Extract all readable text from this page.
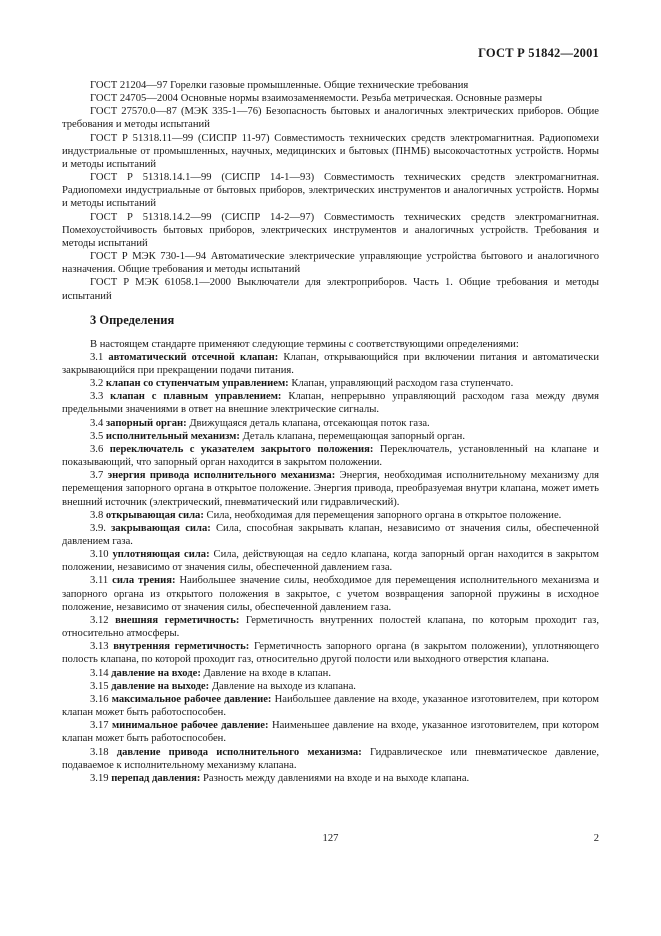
ГОСТ Р 51842—2001

ГОСТ 21204—97 Горелки газовые промышленные. Общие технические требования

ГОСТ 24705—2004 Основные нормы взаимозаменяемости. Резьба метрическая. Основные размеры

ГОСТ 27570.0—87 (МЭК 335-1—76) Безопасность бытовых и аналогичных электрических приборов. Общие требования и методы испытаний

ГОСТ Р 51318.11—99 (СИСПР 11-97) Совместимость технических средств электромагнитная. Радиопомехи индустриальные от промышленных, научных, медицинских и бытовых (ПНМБ) высокочастотных устройств. Нормы и методы испытаний

ГОСТ Р 51318.14.1—99 (СИСПР 14-1—93) Совместимость технических средств электромагнитная. Радиопомехи индустриальные от бытовых приборов, электрических инструментов и аналогичных устройств. Нормы и методы испытаний

ГОСТ Р 51318.14.2—99 (СИСПР 14-2—97) Совместимость технических средств электромагнитная. Помехоустойчивость бытовых приборов, электрических инструментов и аналогичных устройств. Требования и методы испытаний

ГОСТ Р МЭК 730-1—94 Автоматические электрические управляющие устройства бытового и аналогичного назначения. Общие требования и методы испытаний

ГОСТ Р МЭК 61058.1—2000 Выключатели для электроприборов. Часть 1. Общие требования и методы испытаний

3 Определения

В настоящем стандарте применяют следующие термины с соответствующими определениями:

3.1 автоматический отсечной клапан: Клапан, открывающийся при включении питания и автоматически закрывающийся при прекращении подачи питания.

3.2 клапан со ступенчатым управлением: Клапан, управляющий расходом газа ступенчато.

3.3 клапан с плавным управлением: Клапан, непрерывно управляющий расходом газа между двумя предельными значениями в ответ на внешние электрические сигналы.

3.4 запорный орган: Движущаяся деталь клапана, отсекающая поток газа.

3.5 исполнительный механизм: Деталь клапана, перемещающая запорный орган.

3.6 переключатель с указателем закрытого положения: Переключатель, установленный на клапане и показывающий, что запорный орган находится в закрытом положении.

3.7 энергия привода исполнительного механизма: Энергия, необходимая исполнительному механизму для перемещения запорного органа в открытое положение. Энергия привода, преобразуемая внутри клапана, может иметь внешний источник (электрический, пневматический или гидравлический).

3.8 открывающая сила: Сила, необходимая для перемещения запорного органа в открытое положение.

3.9. закрывающая сила: Сила, способная закрывать клапан, независимо от значения силы, обеспеченной давлением газа.

3.10 уплотняющая сила: Сила, действующая на седло клапана, когда запорный орган находится в закрытом положении, независимо от значения силы, обеспеченной давлением газа.

3.11 сила трения: Наибольшее значение силы, необходимое для перемещения исполнительного механизма и запорного органа из открытого положения в закрытое, с учетом возвращения запорной пружины в исходное положение, независимо от значения силы, обеспеченной давлением газа.

3.12 внешняя герметичность: Герметичность внутренних полостей клапана, по которым проходит газ, относительно атмосферы.

3.13 внутренняя герметичность: Герметичность запорного органа (в закрытом положении), уплотняющего полость клапана, по которой проходит газ, относительно другой полости или выходного отверстия клапана.

3.14 давление на входе: Давление на входе в клапан.

3.15 давление на выходе: Давление на выходе из клапана.

3.16 максимальное рабочее давление: Наибольшее давление на входе, указанное изготовителем, при котором клапан может быть работоспособен.

3.17 минимальное рабочее давление: Наименьшее давление на входе, указанное изготовителем, при котором клапан может быть работоспособен.

3.18 давление привода исполнительного механизма: Гидравлическое или пневматическое давление, подаваемое к исполнительному механизму клапана.

3.19 перепад давления: Разность между давлениями на входе и на выходе клапана.

127	2
